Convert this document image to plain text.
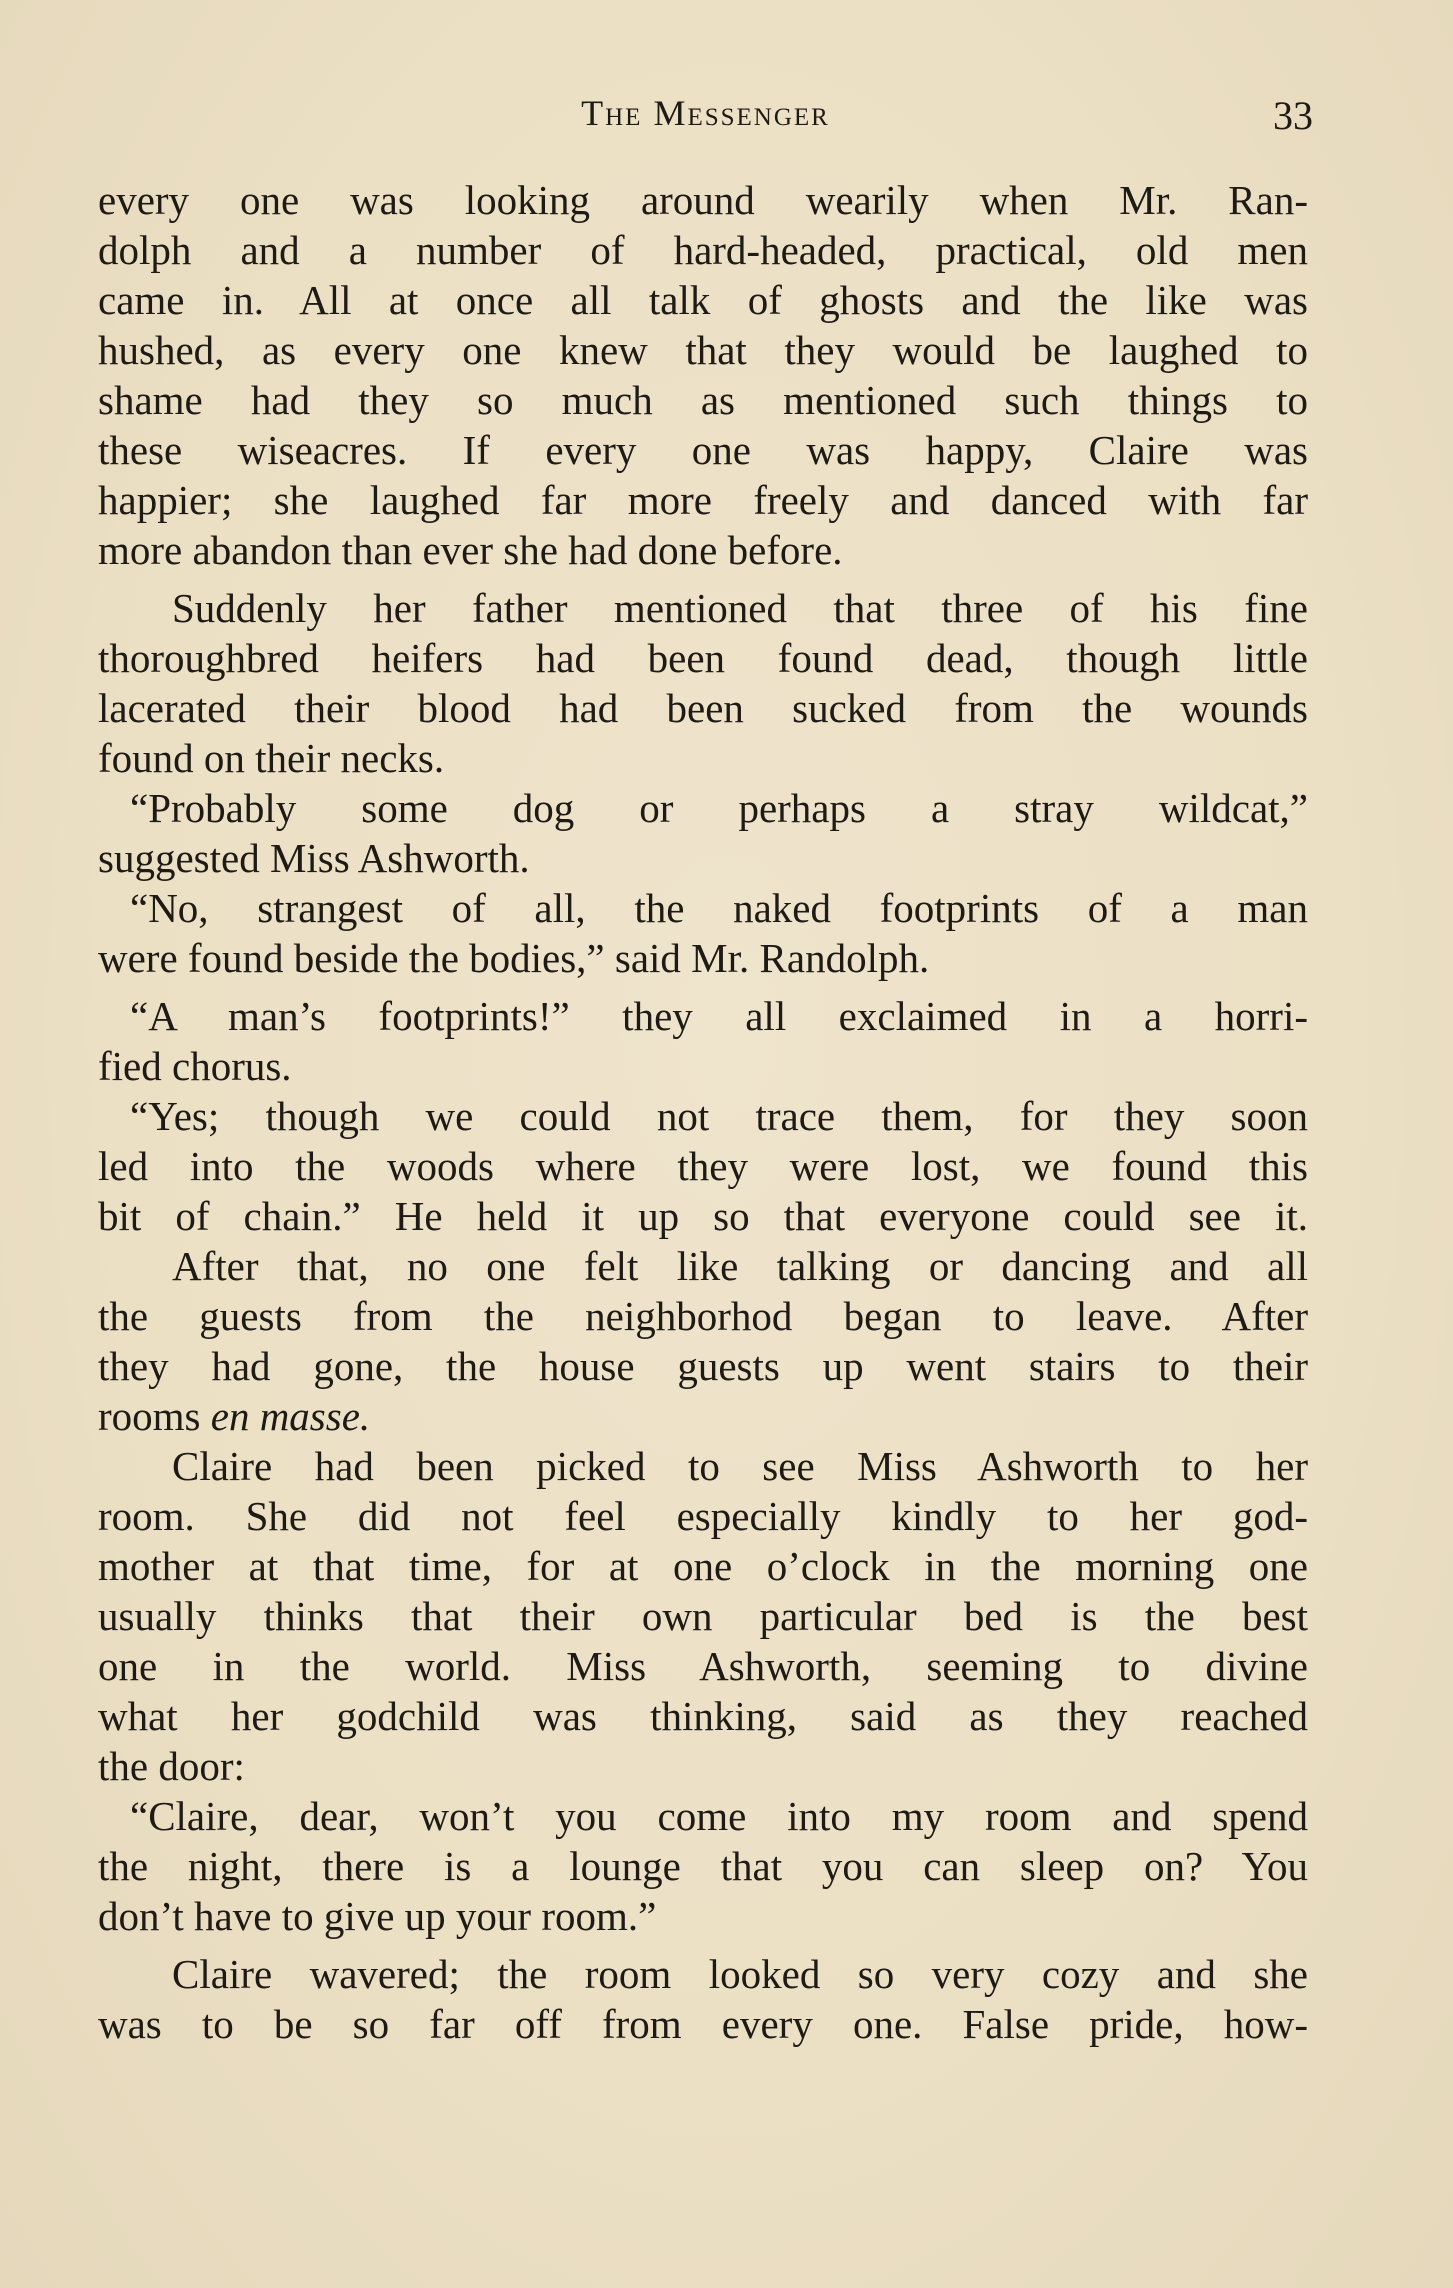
The Messenger	33
every one was looking around wearily when Mr. Ran-
dolph and a number of hard-headed, practical, old men
came in. All at once all talk of ghosts and the like was
hushed, as every one knew that they would be laughed to
shame had they so much as mentioned such things to
these wiseacres. If every one was happy, Claire was
happier; she laughed far more freely and danced with far
more abandon than ever she had done before.
Suddenly her father mentioned that three of his fine
thoroughbred heifers had been found dead, though little
lacerated their blood had been sucked from the wounds
found on their necks.
“Probably some dog or perhaps a stray wildcat,”
suggested Miss Ashworth.
“No, strangest of all, the naked footprints of a man
were found beside the bodies,” said Mr. Randolph.
“A man’s footprints!” they all exclaimed in a horri-
fied chorus.
“Yes; though we could not trace them, for they soon
led into the woods where they were lost, we found this
bit of chain.” He held it up so that everyone could see it.
After that, no one felt like talking or dancing and all
the guests from the neighborhod began to leave. After
they had gone, the house guests up went stairs to their
rooms en masse.
Claire had been picked to see Miss Ashworth to her
room. She did not feel especially kindly to her god-
mother at that time, for at one o’clock in the morning one
usually thinks that their own particular bed is the best
one in the world. Miss Ashworth, seeming to divine
what her godchild was thinking, said as they reached
the door:
“Claire, dear, won’t you come into my room and spend
the night, there is a lounge that you can sleep on? You
don’t have to give up your room.”
Claire wavered; the room looked so very cozy and she
was to be so far off from every one. False pride, how-
